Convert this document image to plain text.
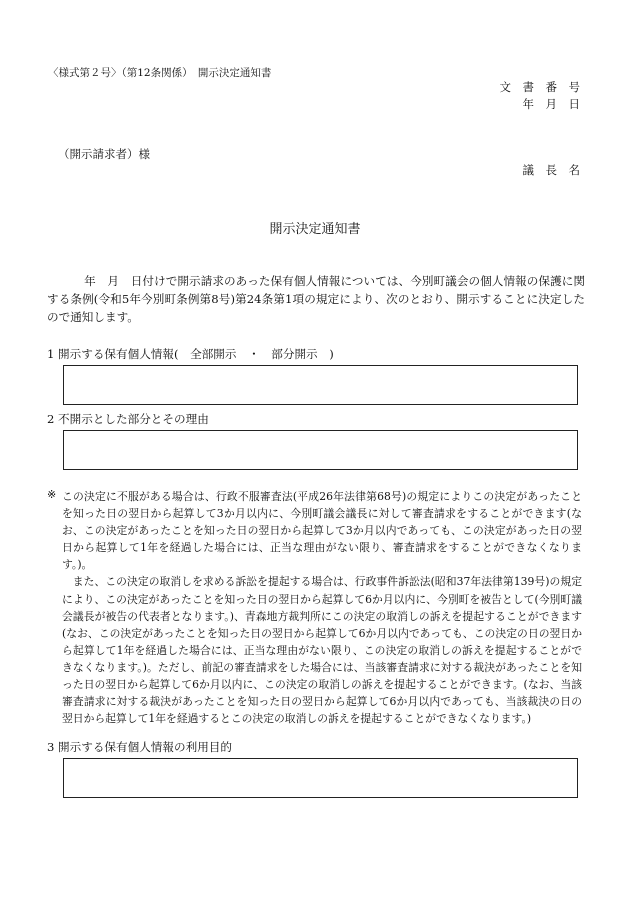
〈様式第２号〉（第12条関係）　開示決定通知書
文　書　番　号
年　月　日
（開示請求者）様
議　長　名
開示決定通知書
年　月　日付けで開示請求のあった保有個人情報については、今別町議会の個人情報の保護に関する条例(令和5年今別町条例第8号)第24条第1項の規定により、次のとおり、開示することに決定したので通知します。
1 開示する保有個人情報(　全部開示　・　部分開示　)
2 不開示とした部分とその理由
※ この決定に不服がある場合は、行政不服審査法(平成26年法律第68号)の規定によりこの決定があったことを知った日の翌日から起算して3か月以内に、今別町議会議長に対して審査請求をすることができます(なお、この決定があったことを知った日の翌日から起算して3か月以内であっても、この決定があった日の翌日から起算して1年を経過した場合には、正当な理由がない限り、審査請求をすることができなくなります。)。

また、この決定の取消しを求める訴訟を提起する場合は、行政事件訴訟法(昭和37年法律第139号)の規定により、この決定があったことを知った日の翌日から起算して6か月以内に、今別町を被告として(今別町議会議長が被告の代表者となります。)、青森地方裁判所にこの決定の取消しの訴えを提起することができます(なお、この決定があったことを知った日の翌日から起算して6か月以内であっても、この決定の日の翌日から起算して1年を経過した場合には、正当な理由がない限り、この決定の取消しの訴えを提起することができなくなります。)。ただし、前記の審査請求をした場合には、当該審査請求に対する裁決があったことを知った日の翌日から起算して6か月以内に、この決定の取消しの訴えを提起することができます。(なお、当該審査請求に対する裁決があったことを知った日の翌日から起算して6か月以内であっても、当該裁決の日の翌日から起算して1年を経過するとこの決定の取消しの訴えを提起することができなくなります。)

3 開示する保有個人情報の利用目的
